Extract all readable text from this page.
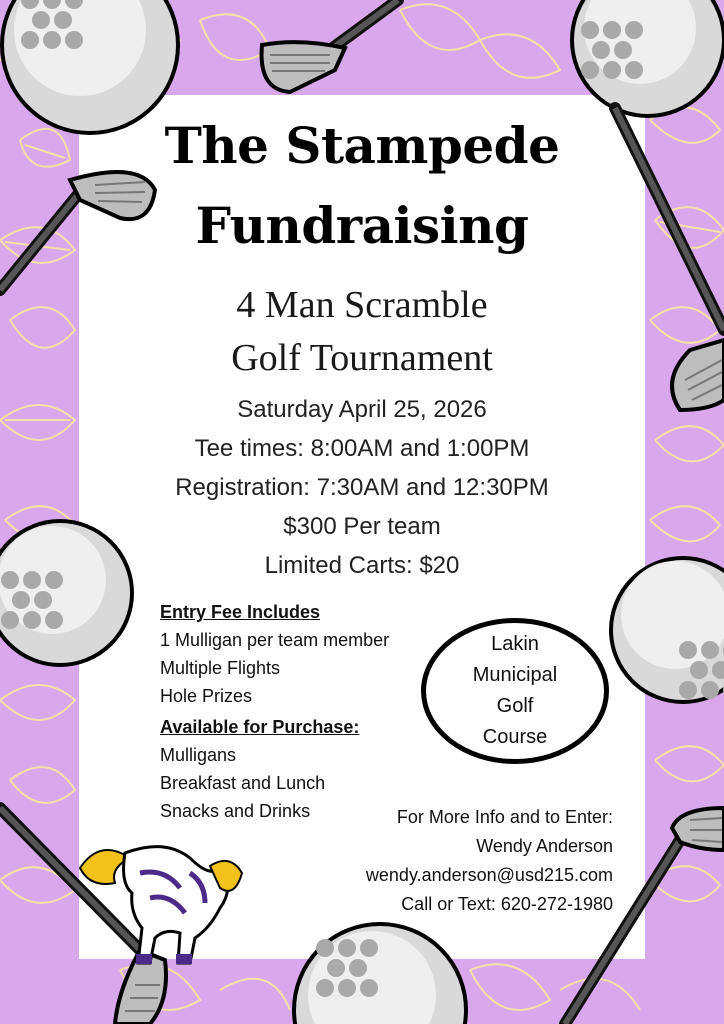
The Stampede
Fundraising
4 Man Scramble
Golf Tournament

Saturday April 25, 2026

Tee times: 8:00AM and 1:00PM

Registration: 7:30AM and 12:30PM

$300 Per team

Limited Carts: $20

Entry Fee Includes
1 Mulligan per team member
Multiple Flights
Hole Prizes
Available for Purchase:
Mulligans
Breakfast and Lunch
Snacks and Drinks
Lakin
Municipal
Golf
Course
For More Info and to Enter:
Wendy Anderson
wendy.anderson@usd215.com
Call or Text: 620-272-1980
